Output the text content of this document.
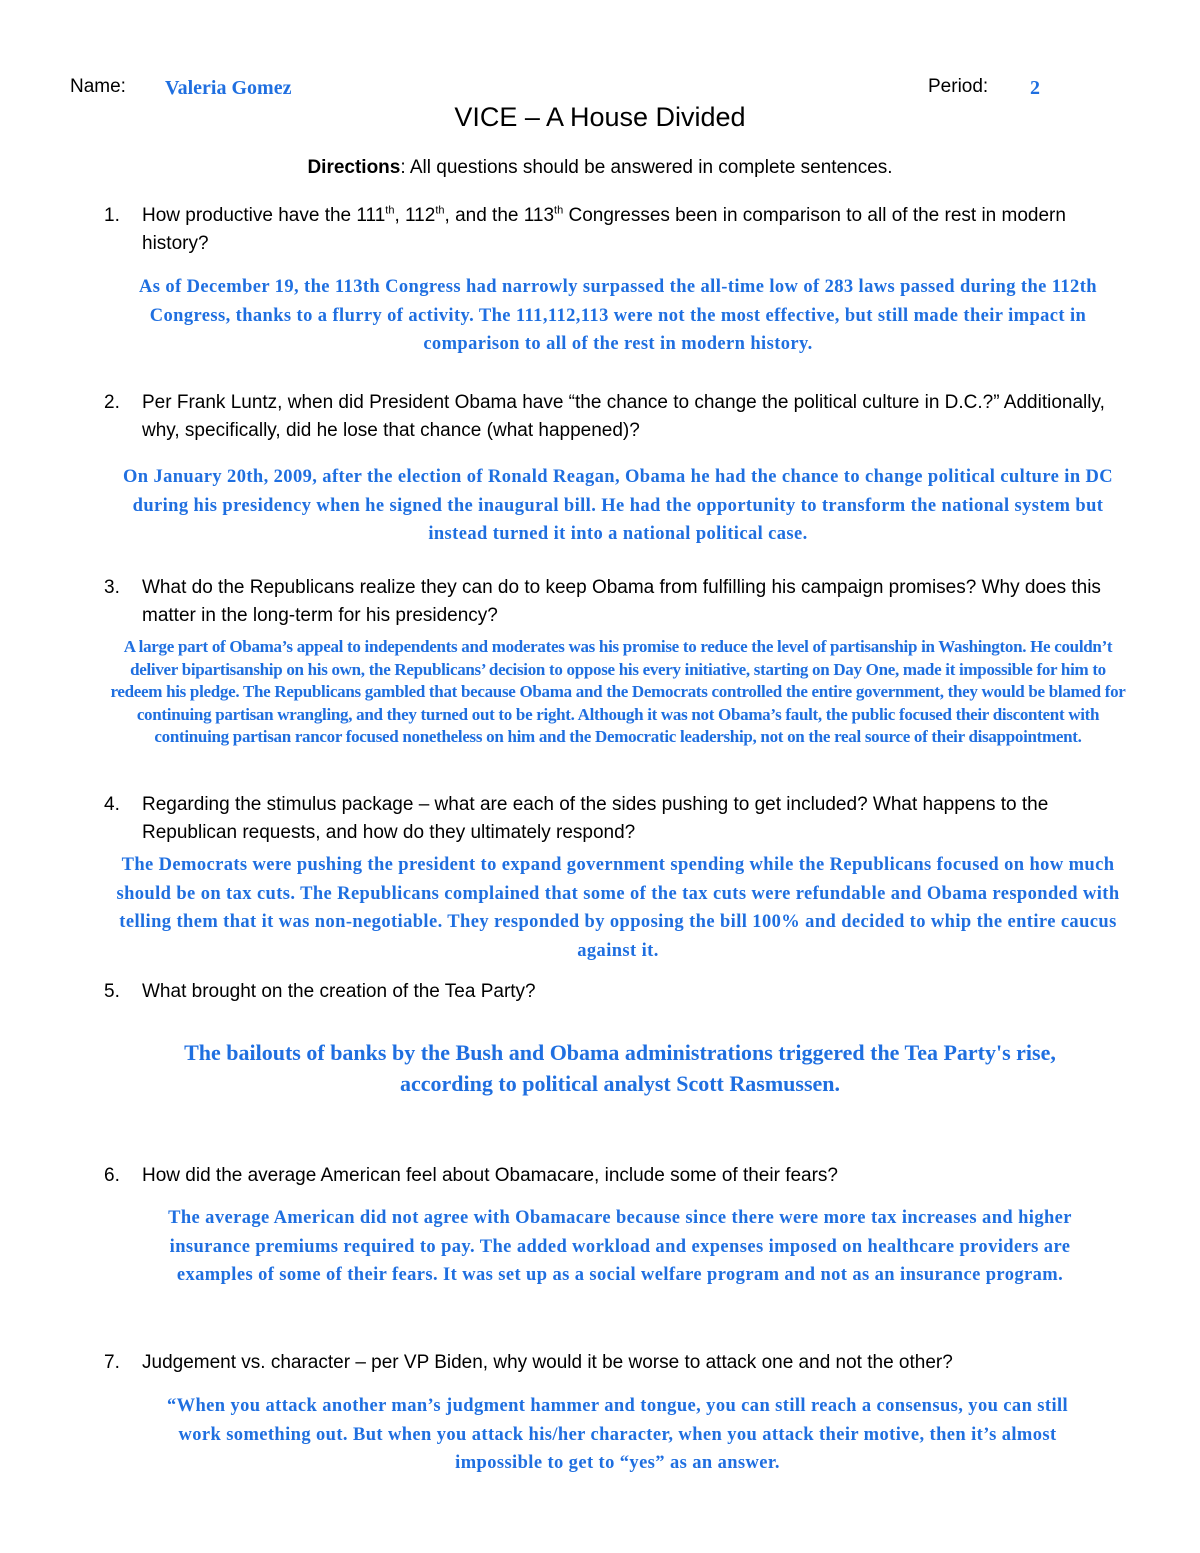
Name: Valeria Gomez	Period: 2
VICE – A House Divided
Directions: All questions should be answered in complete sentences.
1.	How productive have the 111th, 112th, and the 113th Congresses been in comparison to all of the rest in modern history?
As of December 19, the 113th Congress had narrowly surpassed the all-time low of 283 laws passed during the 112th Congress, thanks to a flurry of activity. The 111,112,113 were not the most effective, but still made their impact in comparison to all of the rest in modern history.
2.	Per Frank Luntz, when did President Obama have “the chance to change the political culture in D.C.?” Additionally, why, specifically, did he lose that chance (what happened)?
On January 20th, 2009, after the election of Ronald Reagan, Obama he had the chance to change political culture in DC during his presidency when he signed the inaugural bill. He had the opportunity to transform the national system but instead turned it into a national political case.
3.	What do the Republicans realize they can do to keep Obama from fulfilling his campaign promises? Why does this matter in the long-term for his presidency?
A large part of Obama’s appeal to independents and moderates was his promise to reduce the level of partisanship in Washington. He couldn’t deliver bipartisanship on his own, the Republicans’ decision to oppose his every initiative, starting on Day One, made it impossible for him to redeem his pledge. The Republicans gambled that because Obama and the Democrats controlled the entire government, they would be blamed for continuing partisan wrangling, and they turned out to be right. Although it was not Obama’s fault, the public focused their discontent with continuing partisan rancor focused nonetheless on him and the Democratic leadership, not on the real source of their disappointment.
4.	Regarding the stimulus package – what are each of the sides pushing to get included? What happens to the Republican requests, and how do they ultimately respond?
The Democrats were pushing the president to expand government spending while the Republicans focused on how much should be on tax cuts. The Republicans complained that some of the tax cuts were refundable and Obama responded with telling them that it was non-negotiable. They responded by opposing the bill 100% and decided to whip the entire caucus against it.
5.	What brought on the creation of the Tea Party?
The bailouts of banks by the Bush and Obama administrations triggered the Tea Party's rise, according to political analyst Scott Rasmussen.
6.	How did the average American feel about Obamacare, include some of their fears?
The average American did not agree with Obamacare because since there were more tax increases and higher insurance premiums required to pay. The added workload and expenses imposed on healthcare providers are examples of some of their fears. It was set up as a social welfare program and not as an insurance program.
7.	Judgement vs. character – per VP Biden, why would it be worse to attack one and not the other?
“When you attack another man’s judgment hammer and tongue, you can still reach a consensus, you can still work something out. But when you attack his/her character, when you attack their motive, then it’s almost impossible to get to “yes” as an answer.
